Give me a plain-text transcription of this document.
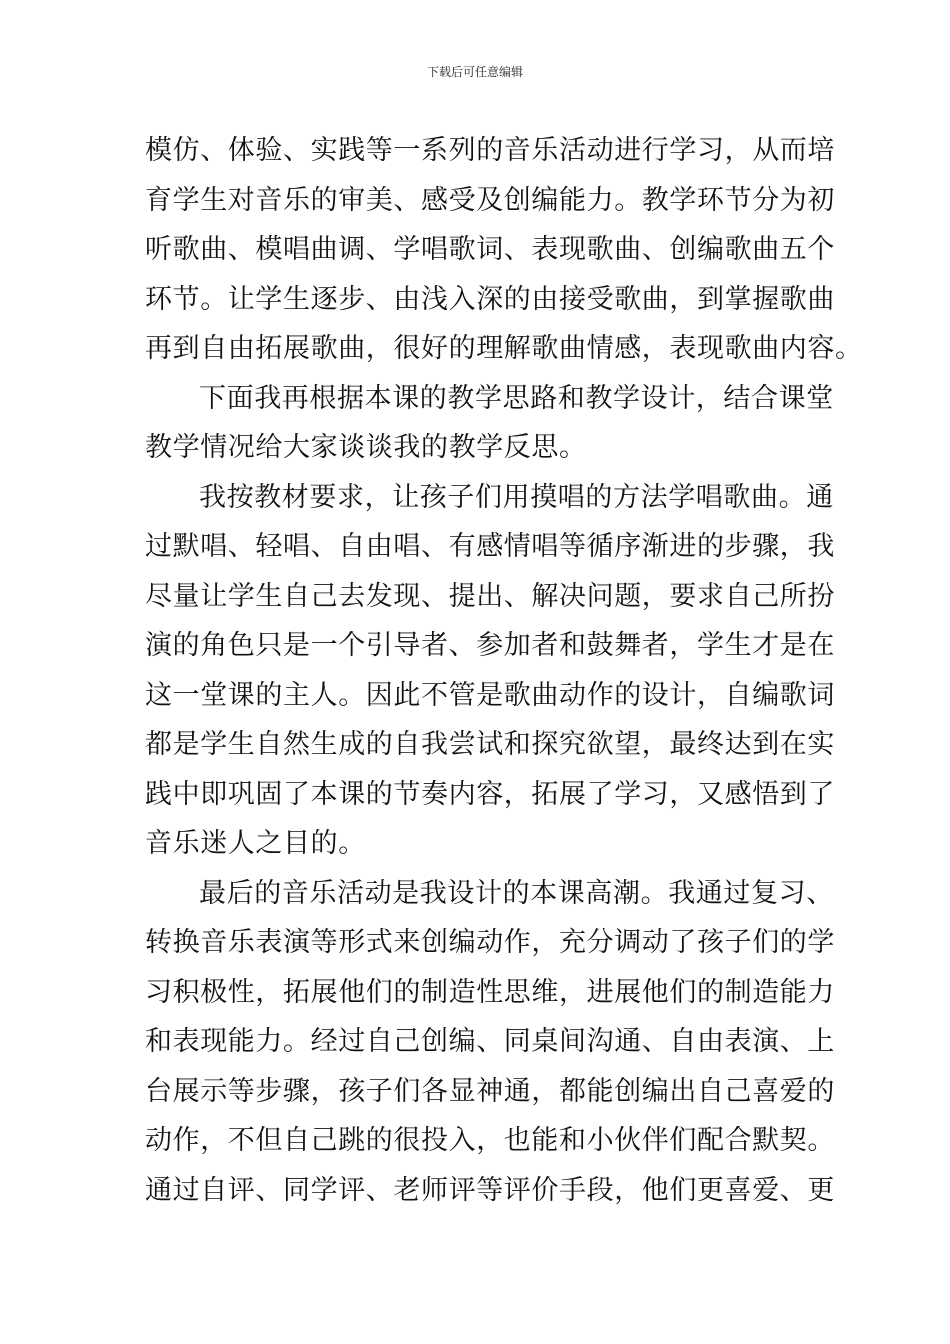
下载后可任意编辑
模仿、体验、实践等一系列的音乐活动进行学习，从而培
育学生对音乐的审美、感受及创编能力。教学环节分为初
听歌曲、模唱曲调、学唱歌词、表现歌曲、创编歌曲五个
环节。让学生逐步、由浅入深的由接受歌曲，到掌握歌曲
再到自由拓展歌曲，很好的理解歌曲情感，表现歌曲内容。
下面我再根据本课的教学思路和教学设计，结合课堂
教学情况给大家谈谈我的教学反思。
我按教材要求，让孩子们用摸唱的方法学唱歌曲。通
过默唱、轻唱、自由唱、有感情唱等循序渐进的步骤，我
尽量让学生自己去发现、提出、解决问题，要求自己所扮
演的角色只是一个引导者、参加者和鼓舞者，学生才是在
这一堂课的主人。因此不管是歌曲动作的设计，自编歌词
都是学生自然生成的自我尝试和探究欲望，最终达到在实
践中即巩固了本课的节奏内容，拓展了学习，又感悟到了
音乐迷人之目的。
最后的音乐活动是我设计的本课高潮。我通过复习、
转换音乐表演等形式来创编动作，充分调动了孩子们的学
习积极性，拓展他们的制造性思维，进展他们的制造能力
和表现能力。经过自己创编、同桌间沟通、自由表演、上
台展示等步骤，孩子们各显神通，都能创编出自己喜爱的
动作，不但自己跳的很投入，也能和小伙伴们配合默契。
通过自评、同学评、老师评等评价手段，他们更喜爱、更
